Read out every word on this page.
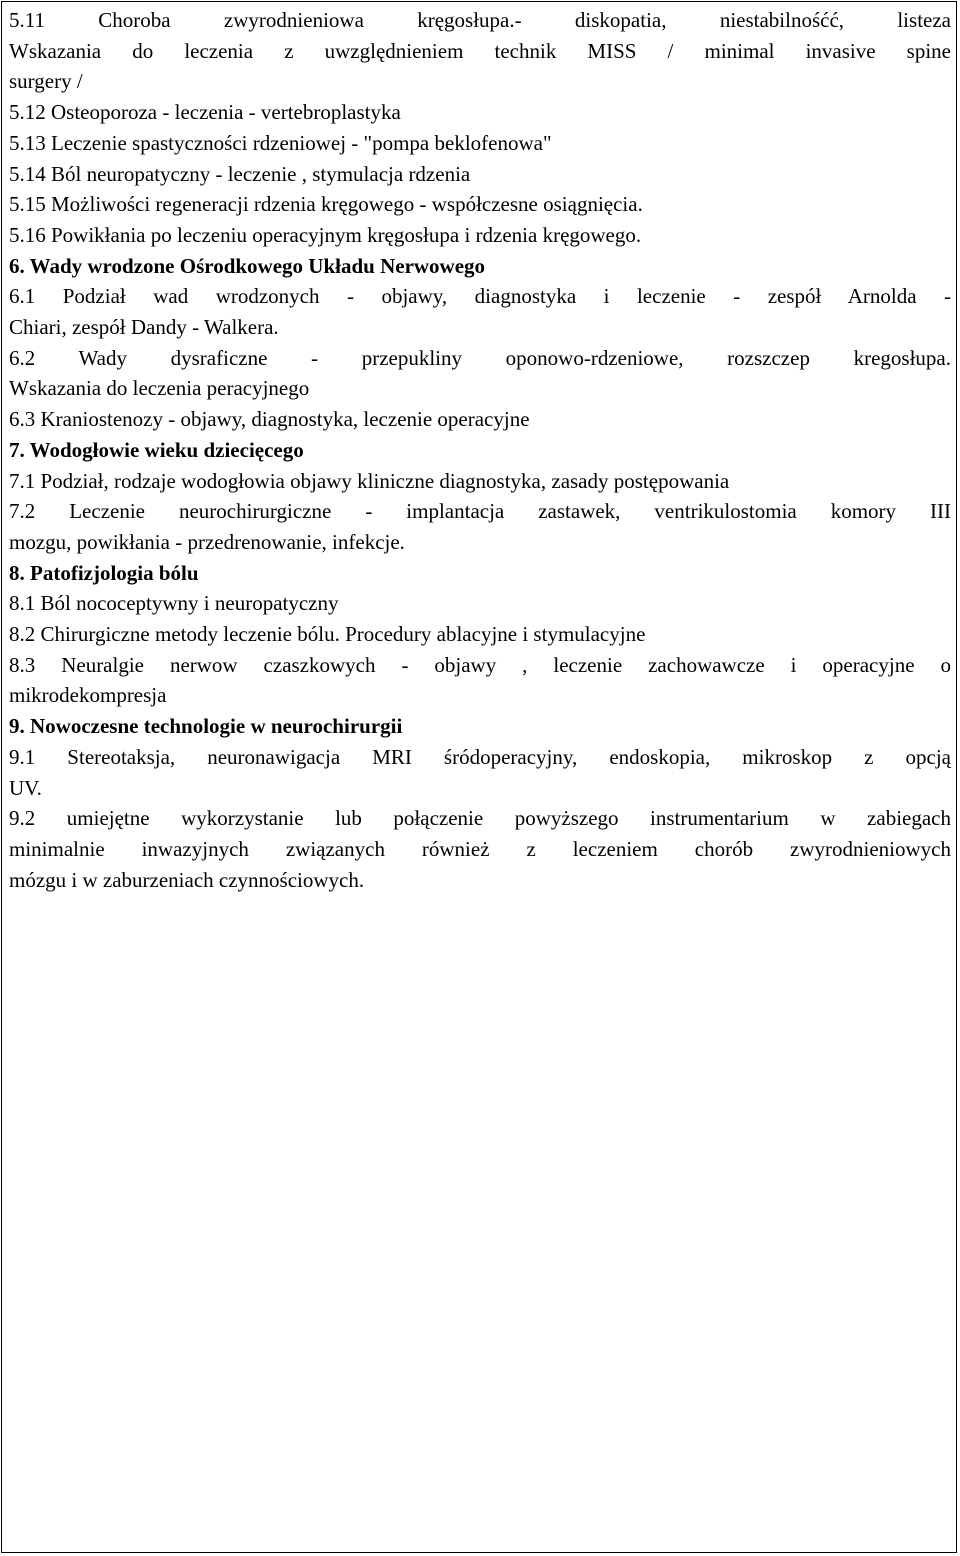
5.11 Choroba zwyrodnieniowa kręgosłupa.- diskopatia, niestabilnośćć, listeza
Wskazania do leczenia z uwzględnieniem technik MISS / minimal invasive spine
surgery /
5.12 Osteoporoza - leczenia - vertebroplastyka
5.13 Leczenie spastyczności rdzeniowej - "pompa beklofenowa"
5.14 Ból neuropatyczny - leczenie , stymulacja rdzenia
5.15 Możliwości regeneracji rdzenia kręgowego - współczesne osiągnięcia.
5.16 Powikłania po leczeniu operacyjnym kręgosłupa i rdzenia kręgowego.
6. Wady wrodzone Ośrodkowego Układu Nerwowego
6.1 Podział wad wrodzonych - objawy, diagnostyka i leczenie - zespół Arnolda -
Chiari, zespół Dandy - Walkera.
6.2 Wady dysraficzne - przepukliny oponowo-rdzeniowe, rozszczep kregosłupa.
Wskazania do leczenia peracyjnego
6.3 Kraniostenozy - objawy, diagnostyka, leczenie operacyjne
7. Wodogłowie wieku dziecięcego
7.1 Podział, rodzaje wodogłowia objawy kliniczne diagnostyka, zasady postępowania
7.2 Leczenie neurochirurgiczne - implantacja zastawek, ventrikulostomia komory III
mozgu, powikłania - przedrenowanie, infekcje.
8. Patofizjologia bólu
8.1 Ból nococeptywny i neuropatyczny
8.2 Chirurgiczne metody leczenie bólu. Procedury ablacyjne i stymulacyjne
8.3 Neuralgie nerwow czaszkowych - objawy , leczenie zachowawcze i operacyjne o
mikrodekompresja
9. Nowoczesne technologie w neurochirurgii
9.1 Stereotaksja, neuronawigacja MRI śródoperacyjny, endoskopia, mikroskop z opcją
UV.
9.2 umiejętne wykorzystanie lub połączenie powyższego instrumentarium w zabiegach
minimalnie inwazyjnych związanych również z leczeniem chorób zwyrodnieniowych
mózgu i w zaburzeniach czynnościowych.
